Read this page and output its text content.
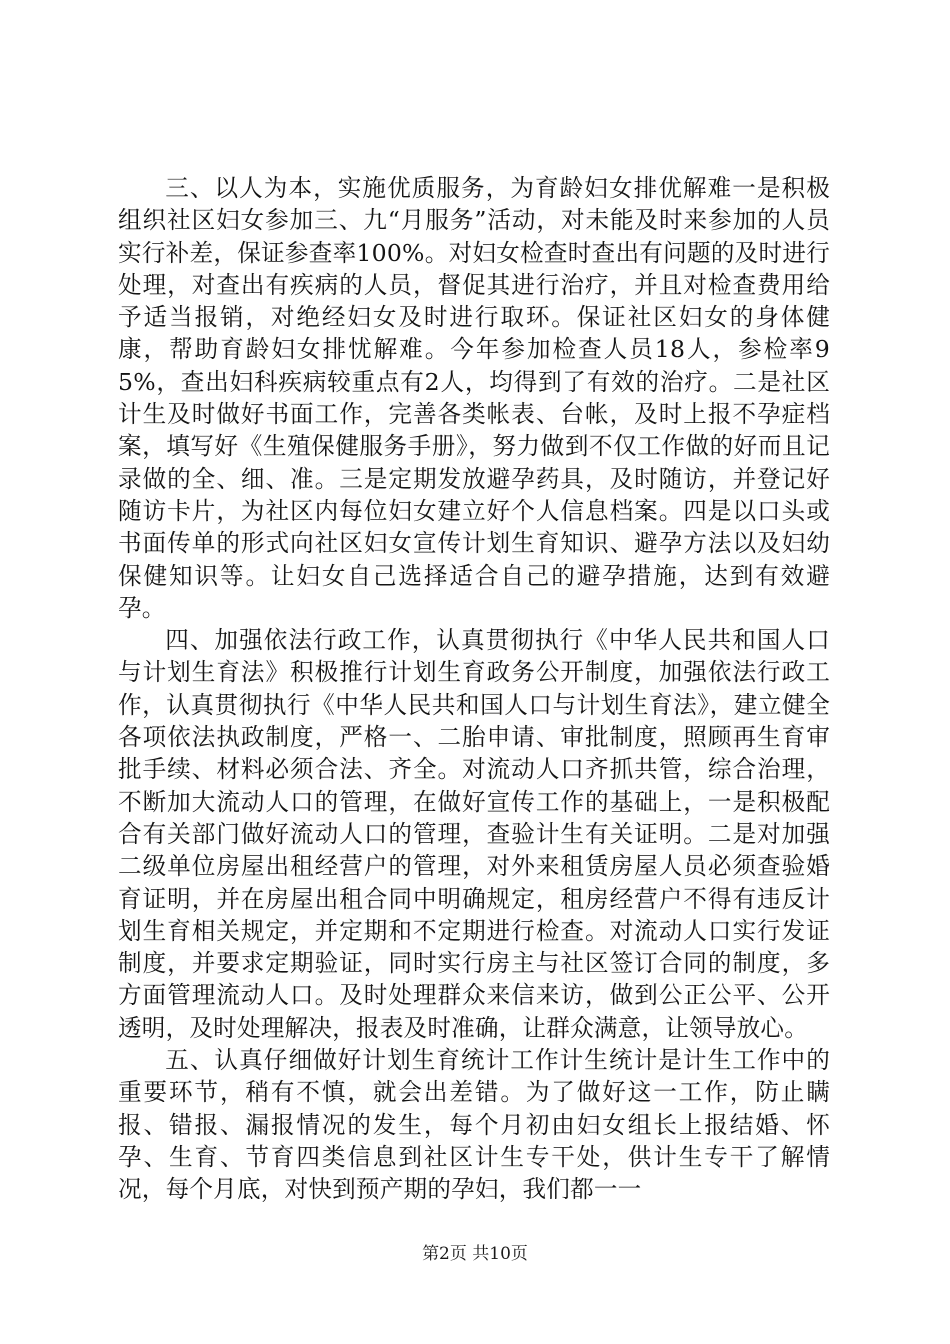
三、以人为本，实施优质服务，为育龄妇女排优解难一是积极组织社区妇女参加三、九“月服务”活动，对未能及时来参加的人员实行补差，保证参查率100%。对妇女检查时查出有问题的及时进行处理，对查出有疾病的人员，督促其进行治疗，并且对检查费用给予适当报销，对绝经妇女及时进行取环。保证社区妇女的身体健康，帮助育龄妇女排忧解难。今年参加检查人员18人，参检率95%，查出妇科疾病较重点有2人，均得到了有效的治疗。二是社区计生及时做好书面工作，完善各类帐表、台帐，及时上报不孕症档案，填写好《生殖保健服务手册》，努力做到不仅工作做的好而且记录做的全、细、准。三是定期发放避孕药具，及时随访，并登记好随访卡片，为社区内每位妇女建立好个人信息档案。四是以口头或书面传单的形式向社区妇女宣传计划生育知识、避孕方法以及妇幼保健知识等。让妇女自己选择适合自己的避孕措施，达到有效避孕。

四、加强依法行政工作，认真贯彻执行《中华人民共和国人口与计划生育法》积极推行计划生育政务公开制度，加强依法行政工作，认真贯彻执行《中华人民共和国人口与计划生育法》，建立健全各项依法执政制度，严格一、二胎申请、审批制度，照顾再生育审批手续、材料必须合法、齐全。对流动人口齐抓共管，综合治理，不断加大流动人口的管理，在做好宣传工作的基础上，一是积极配合有关部门做好流动人口的管理，查验计生有关证明。二是对加强二级单位房屋出租经营户的管理，对外来租赁房屋人员必须查验婚育证明，并在房屋出租合同中明确规定，租房经营户不得有违反计划生育相关规定，并定期和不定期进行检查。对流动人口实行发证制度，并要求定期验证，同时实行房主与社区签订合同的制度，多方面管理流动人口。及时处理群众来信来访，做到公正公平、公开透明，及时处理解决，报表及时准确，让群众满意，让领导放心。

五、认真仔细做好计划生育统计工作计生统计是计生工作中的重要环节，稍有不慎，就会出差错。为了做好这一工作，防止瞒报、错报、漏报情况的发生，每个月初由妇女组长上报结婚、怀孕、生育、节育四类信息到社区计生专干处，供计生专干了解情况，每个月底，对快到预产期的孕妇，我们都一一

第2页 共10页
